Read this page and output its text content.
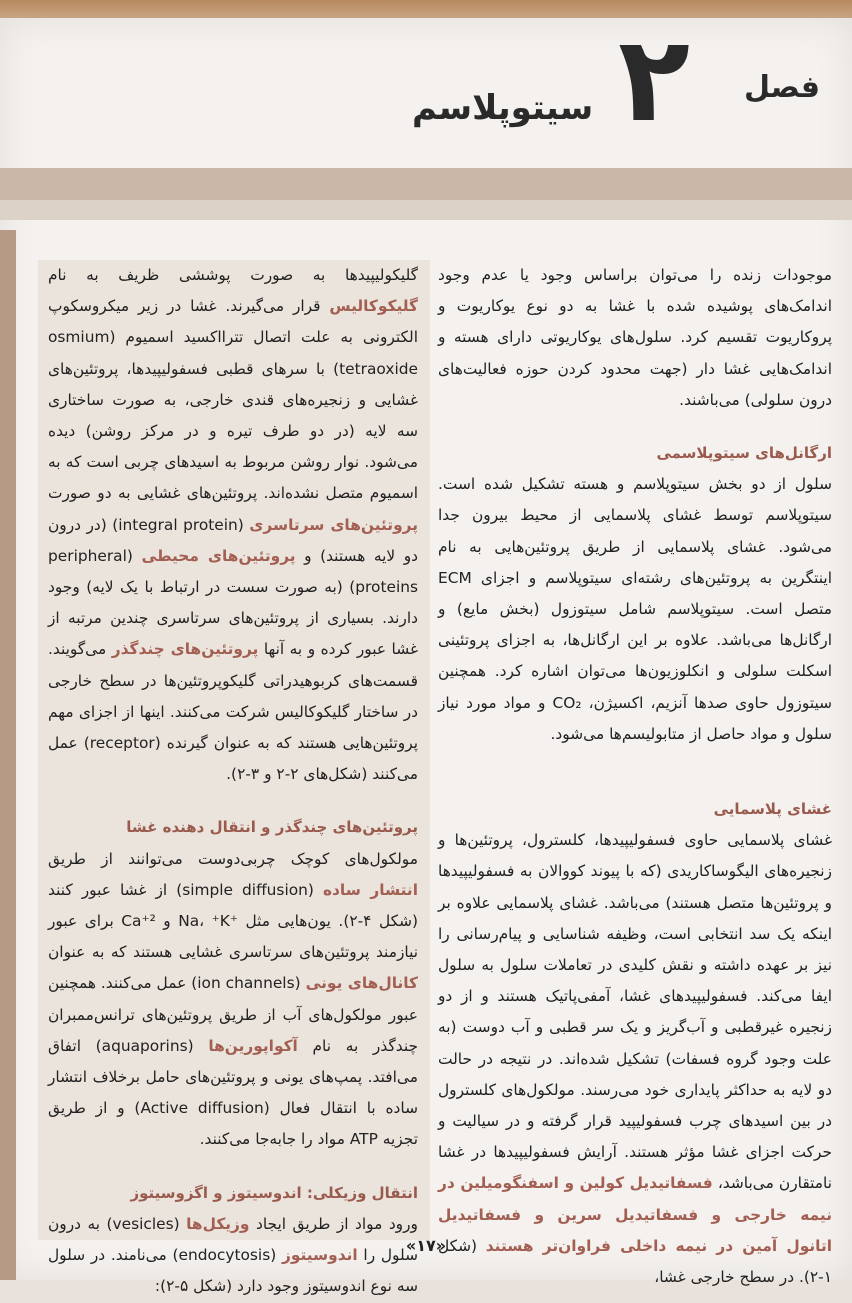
۲ فصل
سیتوپلاسم

موجودات زنده را می‌توان براساس وجود یا عدم وجود اندامک‌های پوشیده شده با غشا به دو نوع یوکاریوت و پروکاریوت تقسیم کرد. سلول‌های یوکاریوتی دارای هسته و اندامک‌هایی غشا دار (جهت محدود کردن حوزه فعالیت‌های درون سلولی) می‌باشند.

ارگانل‌های سیتوپلاسمی

سلول از دو بخش سیتوپلاسم و هسته تشکیل شده است. سیتوپلاسم توسط غشای پلاسمایی از محیط بیرون جدا می‌شود. غشای پلاسمایی از طریق پروتئین‌هایی به نام اینتگرین به پروتئین‌های رشته‌ای سیتوپلاسم و اجزای ECM متصل است. سیتوپلاسم شامل سیتوزول (بخش مایع) و ارگانل‌ها می‌باشد. علاوه بر این ارگانل‌ها، به اجزای پروتئینی اسکلت سلولی و انکلوزیون‌ها می‌توان اشاره کرد. همچنین سیتوزول حاوی صدها آنزیم، اکسیژن، CO₂ و مواد مورد نیاز سلول و مواد حاصل از متابولیسم‌ها می‌شود.

غشای پلاسمایی

غشای پلاسمایی حاوی فسفولیپیدها، کلسترول، پروتئین‌ها و زنجیره‌های الیگوساکاریدی (که با پیوند کووالان به فسفولیپیدها و پروتئین‌ها متصل هستند) می‌باشد. غشای پلاسمایی علاوه بر اینکه یک سد انتخابی است، وظیفه شناسایی و پیام‌رسانی را نیز بر عهده داشته و نقش کلیدی در تعاملات سلول به سلول ایفا می‌کند. فسفولیپیدهای غشا، آمفی‌پاتیک هستند و از دو زنجیره غیرقطبی و آب‌گریز و یک سر قطبی و آب دوست (به علت وجود گروه فسفات) تشکیل شده‌اند. در نتیجه در حالت دو لایه به حداکثر پایداری خود می‌رسند. مولکول‌های کلسترول در بین اسیدهای چرب فسفولیپید قرار گرفته و در سیالیت و حرکت اجزای غشا مؤثر هستند. آرایش فسفولیپیدها در غشا نامتقارن می‌باشد، فسفاتیدیل کولین و اسفنگومیلین در نیمه خارجی و فسفاتیدیل سرین و فسفاتیدیل اتانول آمین در نیمه داخلی فراوان‌تر هستند (شکل ۱-۲). در سطح خارجی غشا،

گلیکولیپیدها به صورت پوششی ظریف به نام گلیکوکالیس قرار می‌گیرند. غشا در زیر میکروسکوپ الکترونی به علت اتصال تترااکسید اسمیوم (osmium tetraoxide) با سرهای قطبی فسفولیپیدها، پروتئین‌های غشایی و زنجیره‌های قندی خارجی، به صورت ساختاری سه لایه (در دو طرف تیره و در مرکز روشن) دیده می‌شود. نوار روشن مربوط به اسیدهای چربی است که به اسمیوم متصل نشده‌اند. پروتئین‌های غشایی به دو صورت پروتئین‌های سرتاسری (integral protein) (در درون دو لایه هستند) و پروتئین‌های محیطی (peripheral proteins) (به صورت سست در ارتباط با یک لایه) وجود دارند. بسیاری از پروتئین‌های سرتاسری چندین مرتبه از غشا عبور کرده و به آنها پروتئین‌های چندگذر می‌گویند. قسمت‌های کربوهیدراتی گلیکوپروتئین‌ها در سطح خارجی در ساختار گلیکوکالیس شرکت می‌کنند. اینها از اجزای مهم پروتئین‌هایی هستند که به عنوان گیرنده (receptor) عمل می‌کنند (شکل‌های ۲-۲ و ۳-۲).

پروتئین‌های چندگذر و انتقال دهنده غشا

مولکول‌های کوچک چربی‌دوست می‌توانند از طریق انتشار ساده (simple diffusion) از غشا عبور کنند (شکل ۴-۲). یون‌هایی مثل ⁺Na، ⁺K و ²⁺Ca برای عبور نیازمند پروتئین‌های سرتاسری غشایی هستند که به عنوان کانال‌های یونی (ion channels) عمل می‌کنند. همچنین عبور مولکول‌های آب از طریق پروتئین‌های ترانس‌ممبران چندگذر به نام آکواپورین‌ها (aquaporins) اتفاق می‌افتد. پمپ‌های یونی و پروتئین‌های حامل برخلاف انتشار ساده با انتقال فعال (Active diffusion) و از طریق تجزیه ATP مواد را جابه‌جا می‌کنند.

انتقال وزیکلی: اندوسیتوز و اگزوسیتوز

ورود مواد از طریق ایجاد وزیکل‌ها (vesicles) به درون سلول را اندوسیتوز (endocytosis) می‌نامند. در سلول سه نوع اندوسیتوز وجود دارد (شکل ۵-۲):

«۱۷»
